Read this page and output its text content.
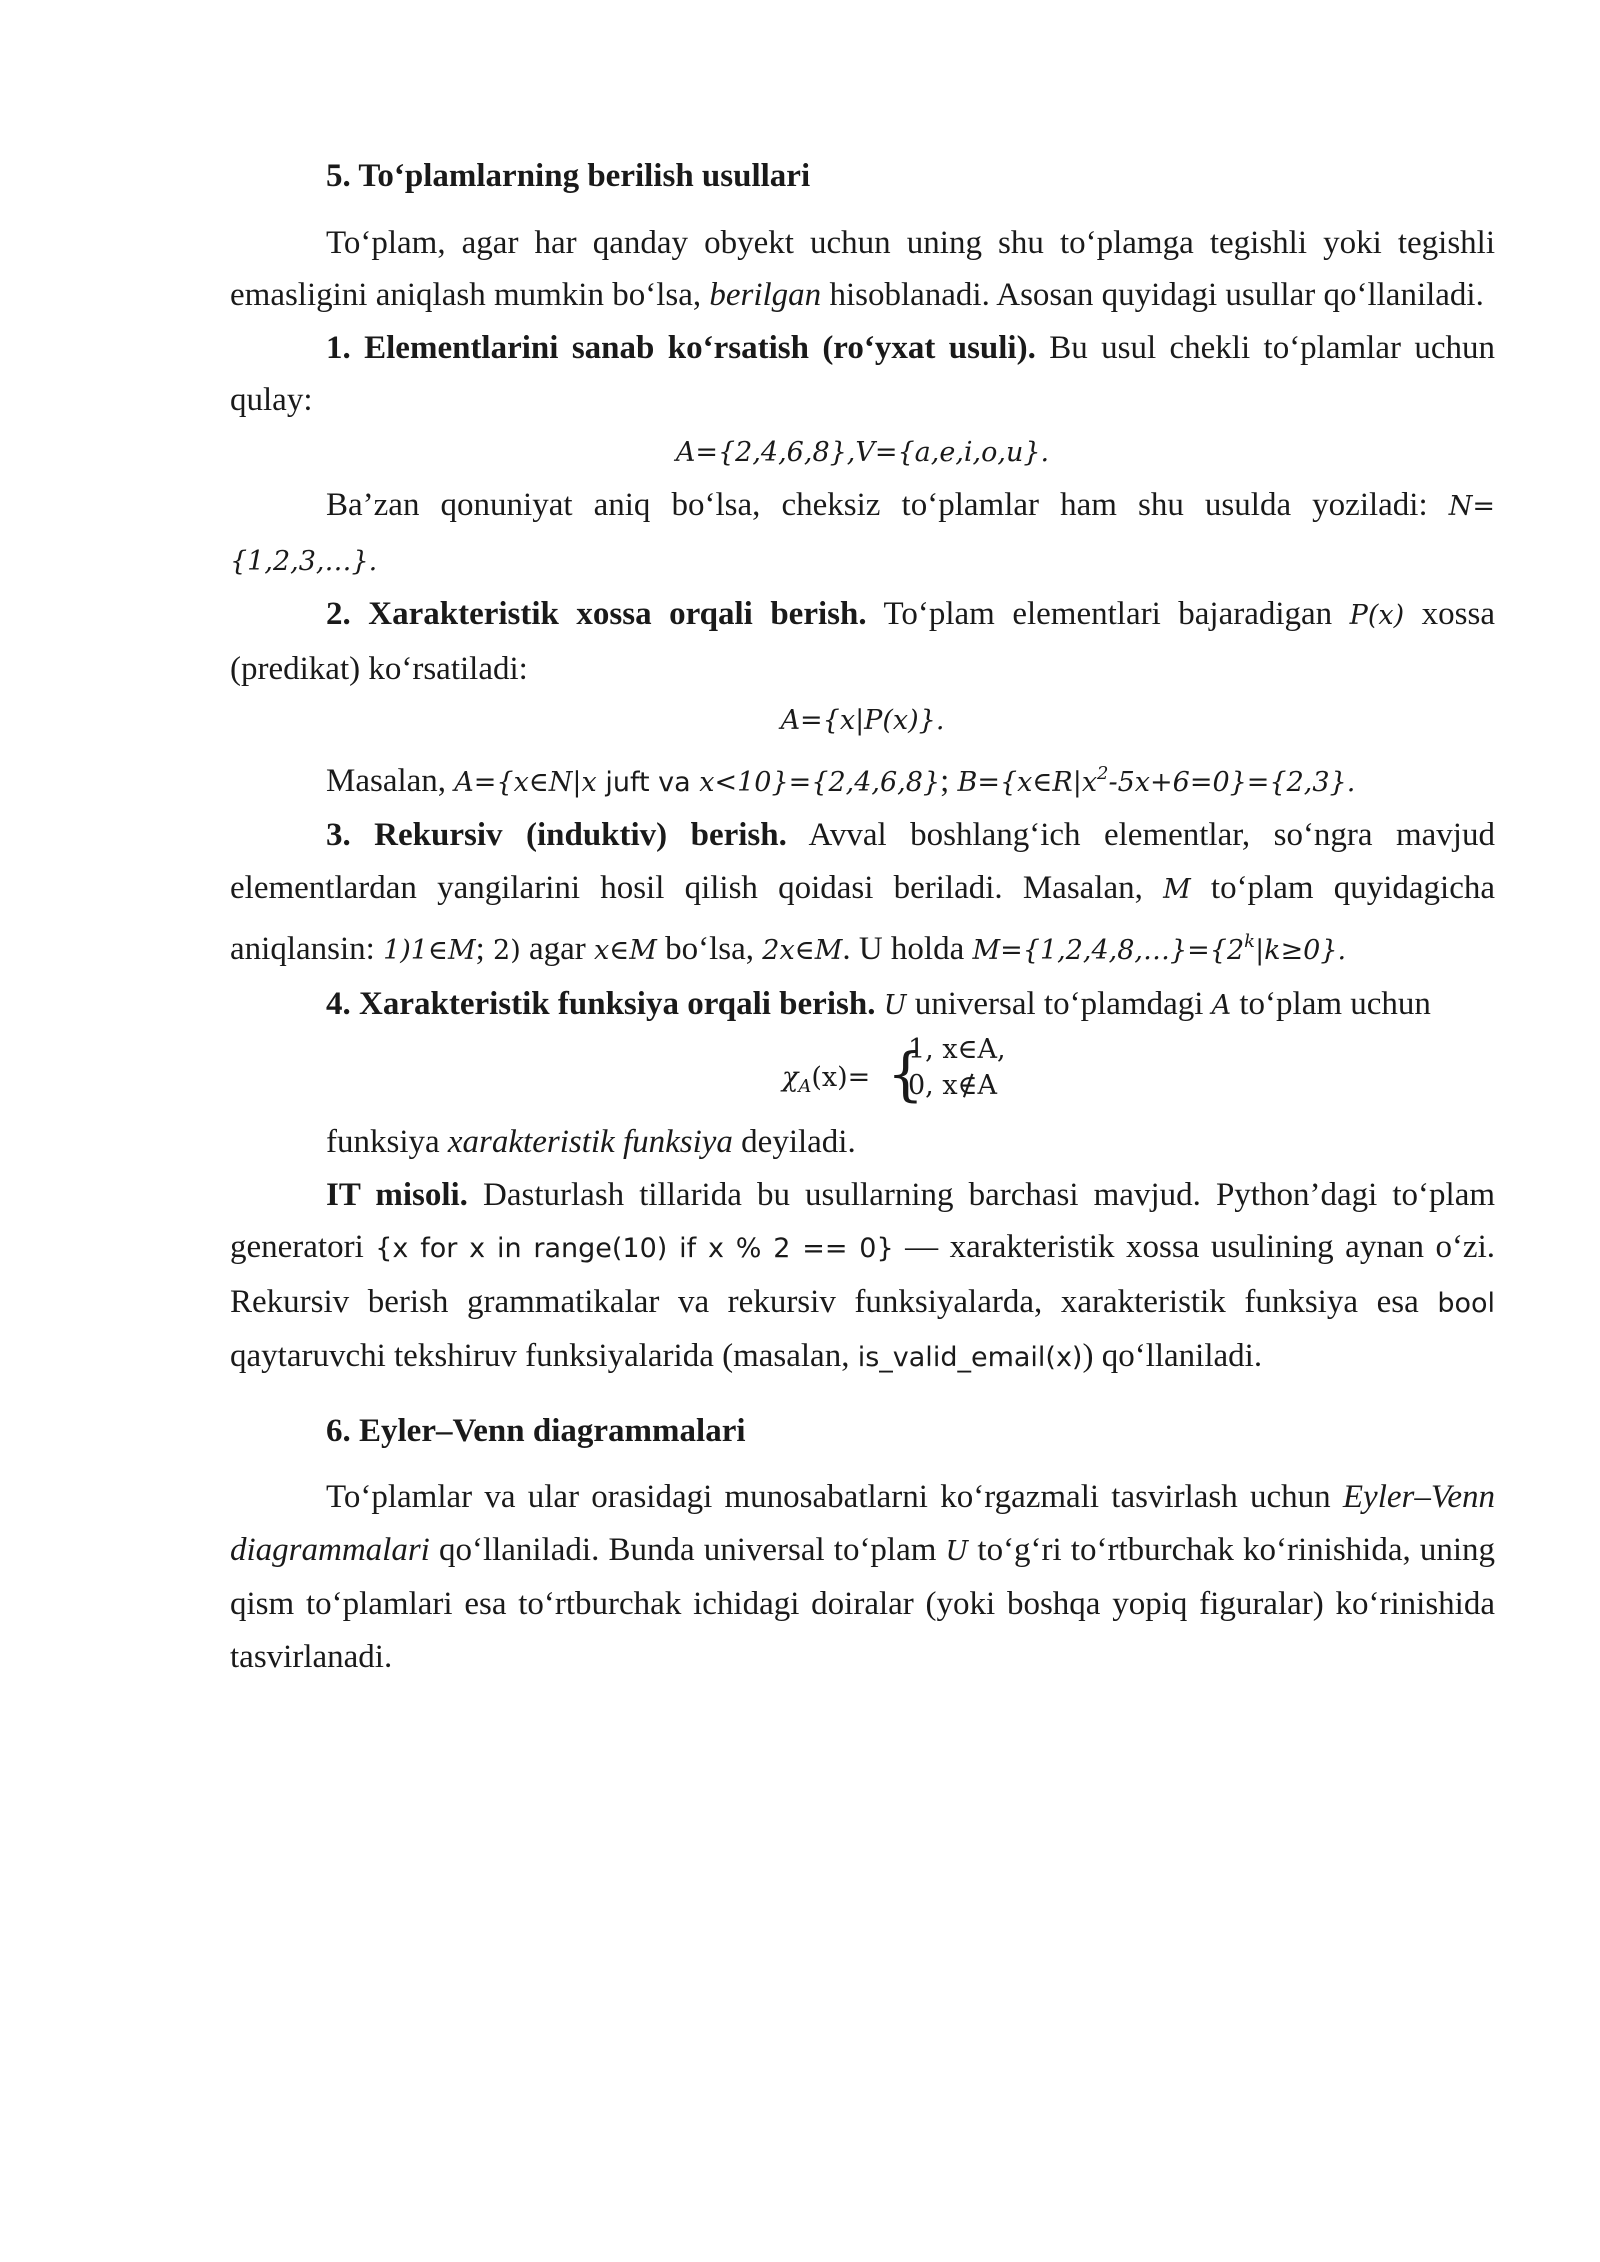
5. To‘plamlarning berilish usullari

To‘plam, agar har qanday obyekt uchun uning shu to‘plamga tegishli yoki tegishli emasligini aniqlash mumkin bo‘lsa, berilgan hisoblanadi. Asosan quyidagi usullar qo‘llaniladi.

1. Elementlarini sanab ko‘rsatish (ro‘yxat usuli). Bu usul chekli to‘plamlar uchun qulay:

A={2,4,6,8},V={a,e,i,o,u}.

Ba’zan qonuniyat aniq bo‘lsa, cheksiz to‘plamlar ham shu usulda yoziladi: N={1,2,3,…}.

2. Xarakteristik xossa orqali berish. To‘plam elementlari bajaradigan P(x) xossa (predikat) ko‘rsatiladi:

A={x|P(x)}.

Masalan, A={x∈N|x juft va x<10}={2,4,6,8}; $B=\{x\in R|x^2-5x+6=0\}=\{2,3\}$.

3. Rekursiv (induktiv) berish. Avval boshlang‘ich elementlar, so‘ngra mavjud elementlardan yangilarini hosil qilish qoidasi beriladi. Masalan, M to‘plam quyidagicha aniqlansin: 1)1∈M; 2) agar x∈M bo‘lsa, 2x∈M. U holda $M=\{1,2,4,8,\dots\}=\{2^k|k\ge 0\}$.

4. Xarakteristik funksiya orqali berish. U universal to‘plamdagi A to‘plam uchun

$\chi_A(x)=$ {
1, x∈A,
0, x∉A

funksiya xarakteristik funksiya deyiladi.

IT misoli. Dasturlash tillarida bu usullarning barchasi mavjud. Python’dagi to‘plam generatori {x for x in range(10) if x % 2 == 0} — xarakteristik xossa usulining aynan o‘zi. Rekursiv berish grammatikalar va rekursiv funksiyalarda, xarakteristik funksiya esa bool qaytaruvchi tekshiruv funksiyalarida (masalan, is_valid_email(x)) qo‘llaniladi.

6. Eyler–Venn diagrammalari

To‘plamlar va ular orasidagi munosabatlarni ko‘rgazmali tasvirlash uchun Eyler–Venn diagrammalari qo‘llaniladi. Bunda universal to‘plam U to‘g‘ri to‘rtburchak ko‘rinishida, uning qism to‘plamlari esa to‘rtburchak ichidagi doiralar (yoki boshqa yopiq figuralar) ko‘rinishida tasvirlanadi.
